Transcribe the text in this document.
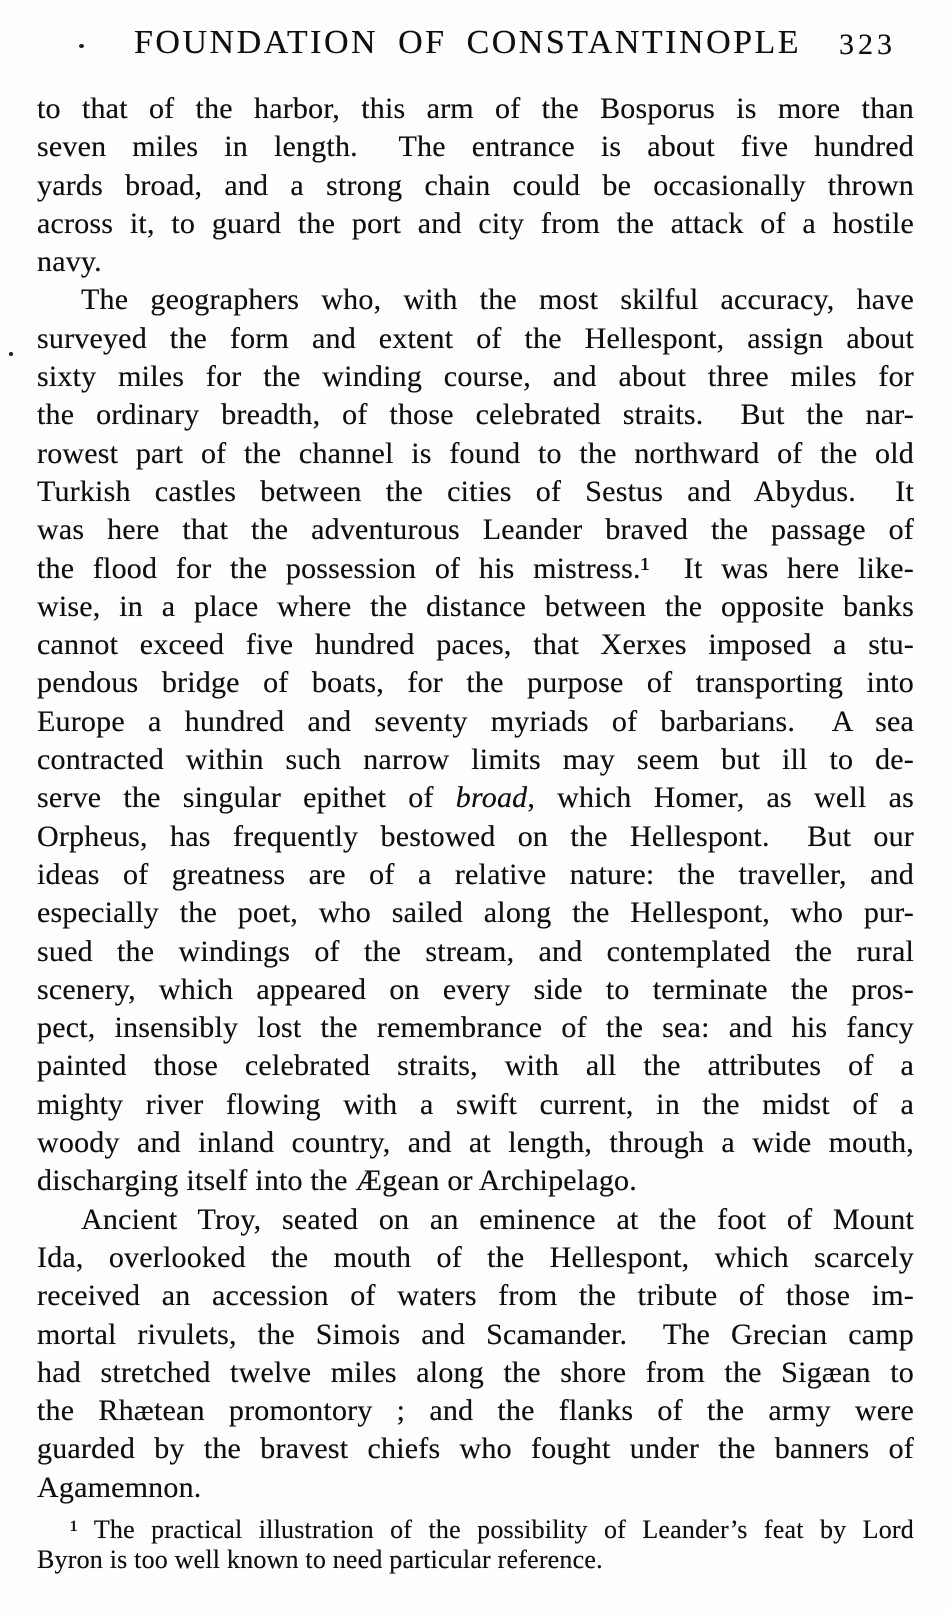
FOUNDATION OF CONSTANTINOPLE 323
to that of the harbor, this arm of the Bosporus is more than
seven miles in length.  The entrance is about five hundred
yards broad, and a strong chain could be occasionally thrown
across it, to guard the port and city from the attack of a hostile
navy.
The geographers who, with the most skilful accuracy, have
surveyed the form and extent of the Hellespont, assign about
sixty miles for the winding course, and about three miles for
the ordinary breadth, of those celebrated straits.  But the nar-
rowest part of the channel is found to the northward of the old
Turkish castles between the cities of Sestus and Abydus.  It
was here that the adventurous Leander braved the passage of
the flood for the possession of his mistress.¹  It was here like-
wise, in a place where the distance between the opposite banks
cannot exceed five hundred paces, that Xerxes imposed a stu-
pendous bridge of boats, for the purpose of transporting into
Europe a hundred and seventy myriads of barbarians.  A sea
contracted within such narrow limits may seem but ill to de-
serve the singular epithet of broad, which Homer, as well as
Orpheus, has frequently bestowed on the Hellespont.  But our
ideas of greatness are of a relative nature: the traveller, and
especially the poet, who sailed along the Hellespont, who pur-
sued the windings of the stream, and contemplated the rural
scenery, which appeared on every side to terminate the pros-
pect, insensibly lost the remembrance of the sea: and his fancy
painted those celebrated straits, with all the attributes of a
mighty river flowing with a swift current, in the midst of a
woody and inland country, and at length, through a wide mouth,
discharging itself into the Ægean or Archipelago.
Ancient Troy, seated on an eminence at the foot of Mount
Ida, overlooked the mouth of the Hellespont, which scarcely
received an accession of waters from the tribute of those im-
mortal rivulets, the Simois and Scamander.  The Grecian camp
had stretched twelve miles along the shore from the Sigæan to
the Rhætean promontory ; and the flanks of the army were
guarded by the bravest chiefs who fought under the banners of
Agamemnon.
¹ The practical illustration of the possibility of Leander’s feat by Lord
Byron is too well known to need particular reference.
